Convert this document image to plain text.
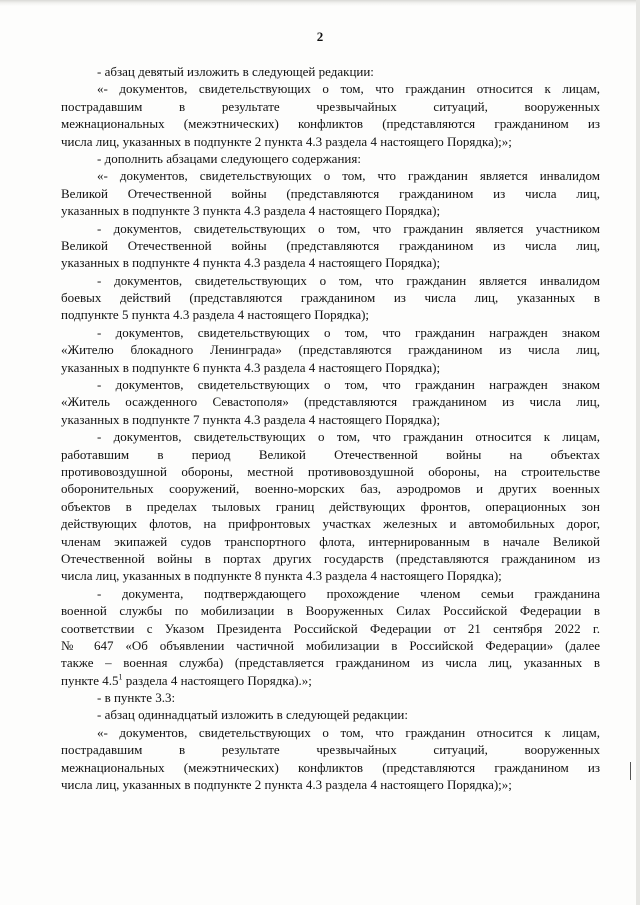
2
- абзац девятый изложить в следующей редакции:
«- документов, свидетельствующих о том, что гражданин относится к лицам,
пострадавшим в результате чрезвычайных ситуаций, вооруженных
межнациональных (межэтнических) конфликтов (представляются гражданином из
числа лиц, указанных в подпункте 2 пункта 4.3 раздела 4 настоящего Порядка);»;
- дополнить абзацами следующего содержания:
«- документов, свидетельствующих о том, что гражданин является инвалидом
Великой Отечественной войны (представляются гражданином из числа лиц,
указанных в подпункте 3 пункта 4.3 раздела 4 настоящего Порядка);
- документов, свидетельствующих о том, что гражданин является участником
Великой Отечественной войны (представляются гражданином из числа лиц,
указанных в подпункте 4 пункта 4.3 раздела 4 настоящего Порядка);
- документов, свидетельствующих о том, что гражданин является инвалидом
боевых действий (представляются гражданином из числа лиц, указанных в
подпункте 5 пункта 4.3 раздела 4 настоящего Порядка);
- документов, свидетельствующих о том, что гражданин награжден знаком
«Жителю блокадного Ленинграда» (представляются гражданином из числа лиц,
указанных в подпункте 6 пункта 4.3 раздела 4 настоящего Порядка);
- документов, свидетельствующих о том, что гражданин награжден знаком
«Житель осажденного Севастополя» (представляются гражданином из числа лиц,
указанных в подпункте 7 пункта 4.3 раздела 4 настоящего Порядка);
- документов, свидетельствующих о том, что гражданин относится к лицам,
работавшим в период Великой Отечественной войны на объектах
противовоздушной обороны, местной противовоздушной обороны, на строительстве
оборонительных сооружений, военно-морских баз, аэродромов и других военных
объектов в пределах тыловых границ действующих фронтов, операционных зон
действующих флотов, на прифронтовых участках железных и автомобильных дорог,
членам экипажей судов транспортного флота, интернированным в начале Великой
Отечественной войны в портах других государств (представляются гражданином из
числа лиц, указанных в подпункте 8 пункта 4.3 раздела 4 настоящего Порядка);
- документа, подтверждающего прохождение членом семьи гражданина
военной службы по мобилизации в Вооруженных Силах Российской Федерации в
соответствии с Указом Президента Российской Федерации от 21 сентября 2022 г.
№ 647 «Об объявлении частичной мобилизации в Российской Федерации» (далее
также – военная служба) (представляется гражданином из числа лиц, указанных в
пункте $4.5^1$ раздела 4 настоящего Порядка).»;
- в пункте 3.3:
- абзац одиннадцатый изложить в следующей редакции:
«- документов, свидетельствующих о том, что гражданин относится к лицам,
пострадавшим в результате чрезвычайных ситуаций, вооруженных
межнациональных (межэтнических) конфликтов (представляются гражданином из
числа лиц, указанных в подпункте 2 пункта 4.3 раздела 4 настоящего Порядка);»;
